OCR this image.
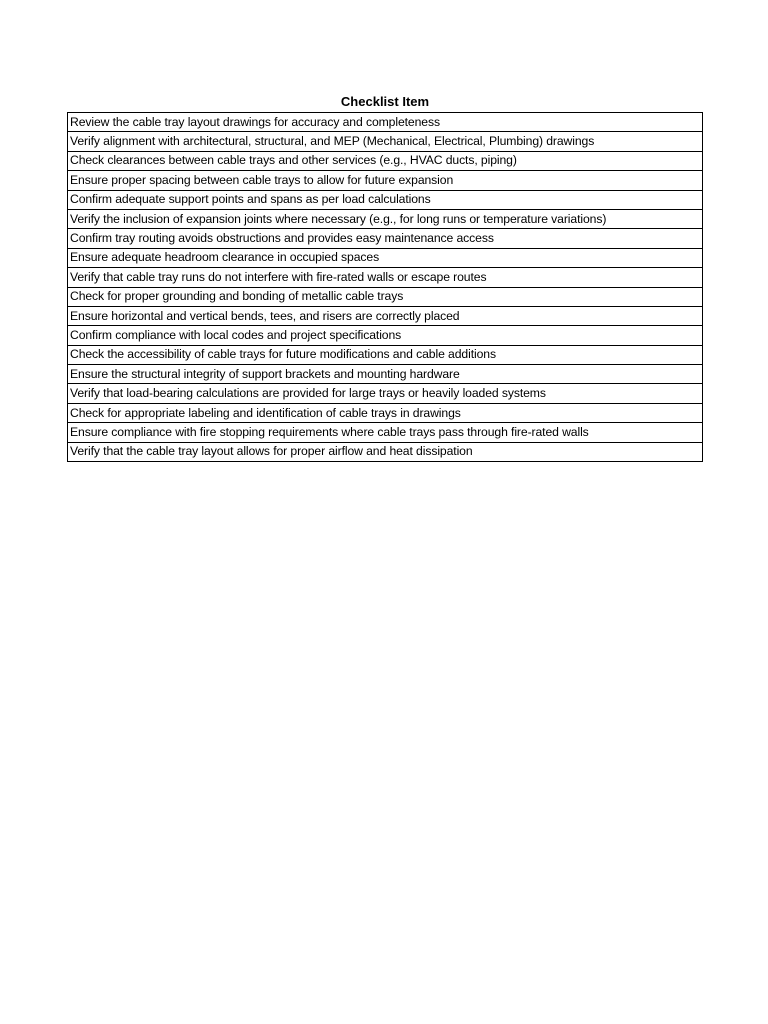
Checklist Item
Review the cable tray layout drawings for accuracy and completeness
Verify alignment with architectural, structural, and MEP (Mechanical, Electrical, Plumbing) drawings
Check clearances between cable trays and other services (e.g., HVAC ducts, piping)
Ensure proper spacing between cable trays to allow for future expansion
Confirm adequate support points and spans as per load calculations
Verify the inclusion of expansion joints where necessary (e.g., for long runs or temperature variations)
Confirm tray routing avoids obstructions and provides easy maintenance access
Ensure adequate headroom clearance in occupied spaces
Verify that cable tray runs do not interfere with fire-rated walls or escape routes
Check for proper grounding and bonding of metallic cable trays
Ensure horizontal and vertical bends, tees, and risers are correctly placed
Confirm compliance with local codes and project specifications
Check the accessibility of cable trays for future modifications and cable additions
Ensure the structural integrity of support brackets and mounting hardware
Verify that load-bearing calculations are provided for large trays or heavily loaded systems
Check for appropriate labeling and identification of cable trays in drawings
Ensure compliance with fire stopping requirements where cable trays pass through fire-rated walls
Verify that the cable tray layout allows for proper airflow and heat dissipation
